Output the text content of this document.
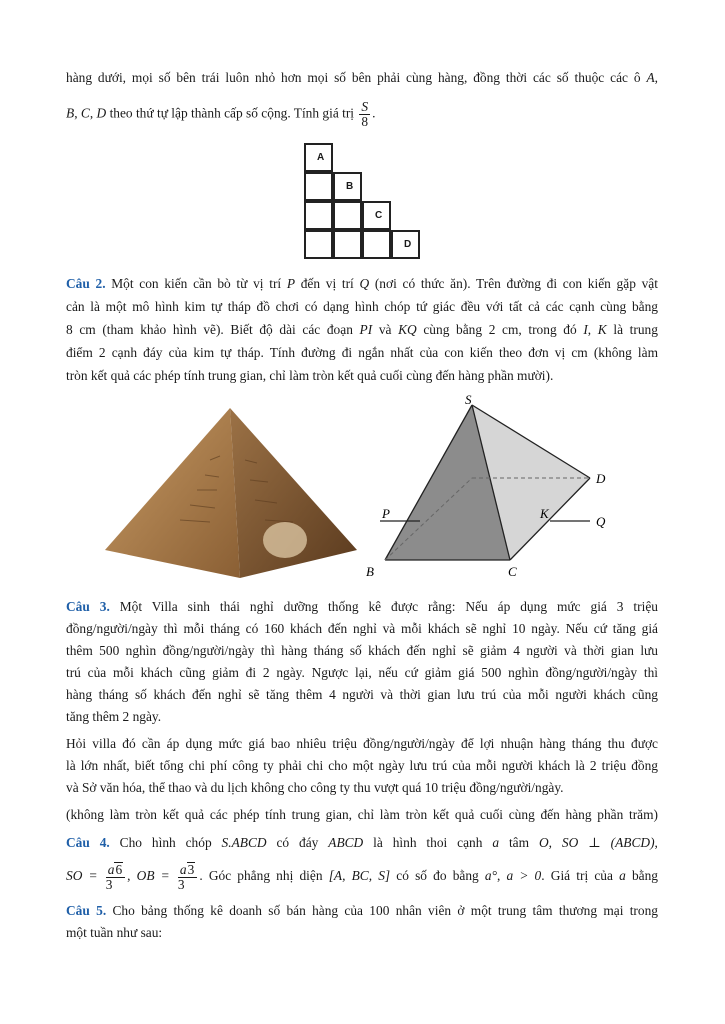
hàng dưới, mọi số bên trái luôn nhỏ hơn mọi số bên phải cùng hàng, đồng thời các số thuộc các ô A,
B, C, D theo thứ tự lập thành cấp số cộng. Tính giá trị $\frac{S}{8}$ .
A
B
C
D
Câu 2. Một con kiến cần bò từ vị trí P đến vị trí Q (nơi có thức ăn). Trên đường đi con kiến gặp vật
cản là một mô hình kim tự tháp đồ chơi có dạng hình chóp tứ giác đều với tất cả các cạnh cùng bằng
8 cm (tham khảo hình vẽ). Biết độ dài các đoạn PI và KQ cùng bằng 2 cm, trong đó I, K là trung
điểm 2 cạnh đáy của kim tự tháp. Tính đường đi ngắn nhất của con kiến theo đơn vị cm (không làm
tròn kết quả các phép tính trung gian, chỉ làm tròn kết quả cuối cùng đến hàng phần mười).
S
D
P	K
Q
B	C
Câu 3. Một Villa sinh thái nghỉ dưỡng thống kê được rằng: Nếu áp dụng mức giá 3 triệu
đồng/người/ngày thì mỗi tháng có 160 khách đến nghỉ và mỗi khách sẽ nghỉ 10 ngày. Nếu cứ tăng giá
thêm 500 nghìn đồng/người/ngày thì hàng tháng số khách đến nghỉ sẽ giảm 4 người và thời gian lưu
trú của mỗi khách cũng giảm đi 2 ngày. Ngược lại, nếu cứ giảm giá 500 nghìn đồng/người/ngày thì
hàng tháng số khách đến nghỉ sẽ tăng thêm 4 người và thời gian lưu trú của mỗi người khách cũng
tăng thêm 2 ngày.
Hỏi villa đó cần áp dụng mức giá bao nhiêu triệu đồng/người/ngày để lợi nhuận hàng tháng thu được
là lớn nhất, biết tổng chi phí công ty phải chi cho một ngày lưu trú của mỗi người khách là 2 triệu đồng
và Sở văn hóa, thể thao và du lịch không cho công ty thu vượt quá 10 triệu đồng/người/ngày.
(không làm tròn kết quả các phép tính trung gian, chỉ làm tròn kết quả cuối cùng đến hàng phần trăm)
Câu 4. Cho hình chóp S.ABCD có đáy ABCD là hình thoi cạnh a tâm O, SO ⊥ (ABCD),
SO = $\frac{a6}{3}$ , OB = $\frac{a3}{3}$ . Góc phẳng nhị diện [A, BC, S] có số đo bằng a°, a > 0. Giá trị của a bằng
Câu 5. Cho bảng thống kê doanh số bán hàng của 100 nhân viên ở một trung tâm thương mại trong
một tuần như sau:
